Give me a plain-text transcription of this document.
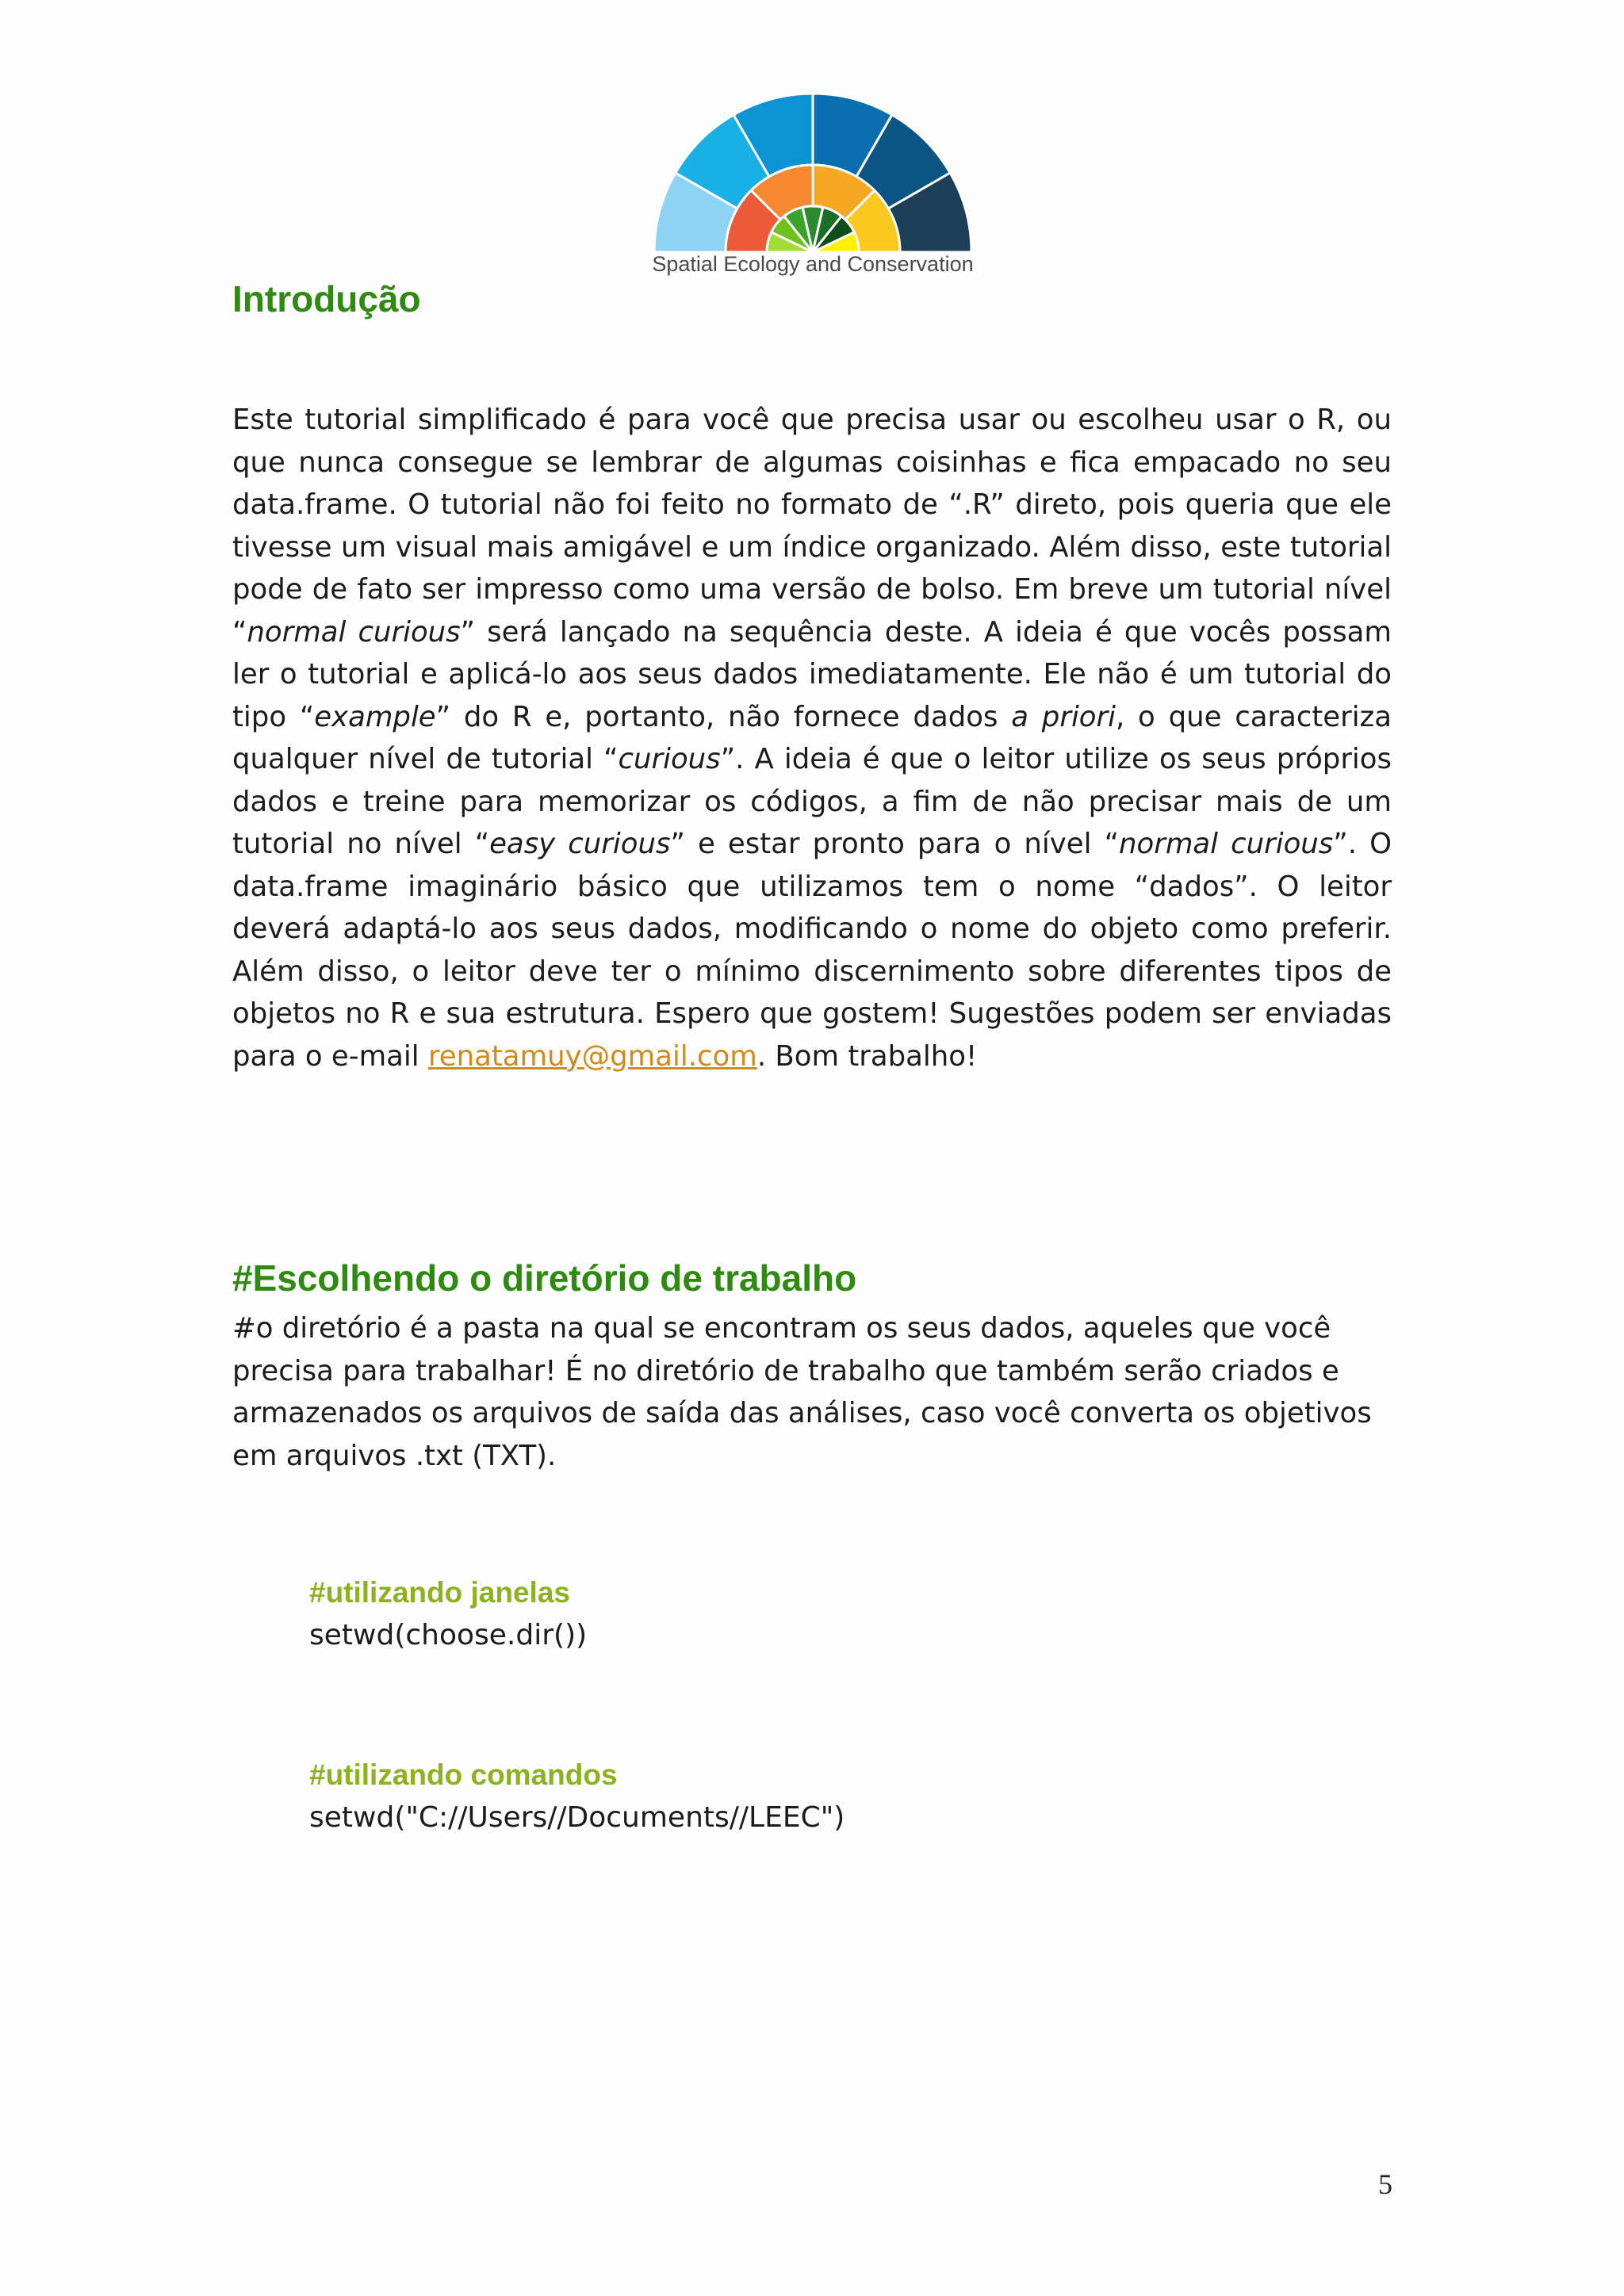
Spatial Ecology and Conservation
Introdução

Este tutorial simplificado é para você que precisa usar ou escolheu usar o R, ou que nunca consegue se lembrar de algumas coisinhas e fica empacado no seu data.frame. O tutorial não foi feito no formato de “.R” direto, pois queria que ele tivesse um visual mais amigável e um índice organizado. Além disso, este tutorial pode de fato ser impresso como uma versão de bolso. Em breve um tutorial nível “normal curious” será lançado na sequência deste. A ideia é que vocês possam ler o tutorial e aplicá-lo aos seus dados imediatamente. Ele não é um tutorial do tipo “example” do R e, portanto, não fornece dados a priori, o que caracteriza qualquer nível de tutorial “curious”. A ideia é que o leitor utilize os seus próprios dados e treine para memorizar os códigos, a fim de não precisar mais de um tutorial no nível “easy curious” e estar pronto para o nível “normal curious”. O data.frame imaginário básico que utilizamos tem o nome “dados”. O leitor deverá adaptá-lo aos seus dados, modificando o nome do objeto como preferir. Além disso, o leitor deve ter o mínimo discernimento sobre diferentes tipos de objetos no R e sua estrutura. Espero que gostem! Sugestões podem ser enviadas para o e-mail renatamuy@gmail.com. Bom trabalho!

#Escolhendo o diretório de trabalho

#o diretório é a pasta na qual se encontram os seus dados, aqueles que você precisa para trabalhar! É no diretório de trabalho que também serão criados e armazenados os arquivos de saída das análises, caso você converta os objetivos em arquivos .txt (TXT).

#utilizando janelas
setwd(choose.dir())
#utilizando comandos
setwd("C://Users//Documents//LEEC")
5
